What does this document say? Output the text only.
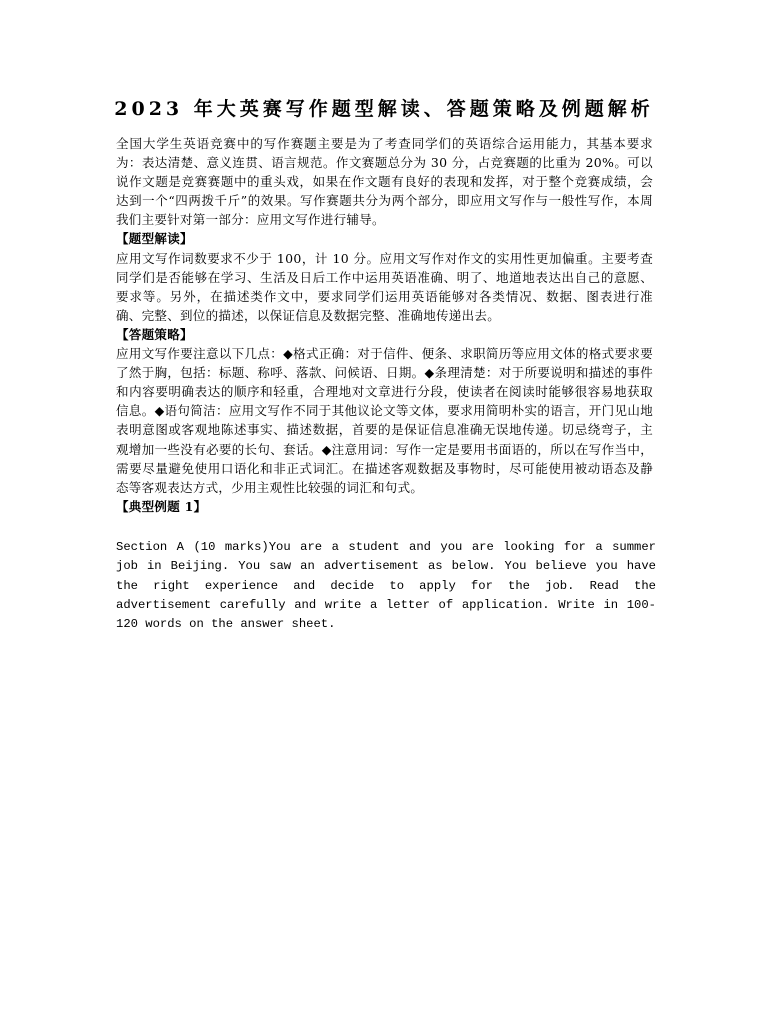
2023 年大英赛写作题型解读、答题策略及例题解析

全国大学生英语竞赛中的写作赛题主要是为了考查同学们的英语综合运用能力，其基本要求为：表达清楚、意义连贯、语言规范。作文赛题总分为 30 分，占竞赛题的比重为 20%。可以说作文题是竞赛赛题中的重头戏，如果在作文题有良好的表现和发挥，对于整个竞赛成绩，会达到一个“四两拨千斤”的效果。写作赛题共分为两个部分，即应用文写作与一般性写作，本周我们主要针对第一部分：应用文写作进行辅导。

【题型解读】

应用文写作词数要求不少于 100，计 10 分。应用文写作对作文的实用性更加偏重。主要考查同学们是否能够在学习、生活及日后工作中运用英语准确、明了、地道地表达出自己的意愿、要求等。另外，在描述类作文中，要求同学们运用英语能够对各类情况、数据、图表进行准确、完整、到位的描述，以保证信息及数据完整、准确地传递出去。

【答题策略】

应用文写作要注意以下几点：◆格式正确：对于信件、便条、求职简历等应用文体的格式要求要了然于胸，包括：标题、称呼、落款、问候语、日期。◆条理清楚：对于所要说明和描述的事件和内容要明确表达的顺序和轻重，合理地对文章进行分段，使读者在阅读时能够很容易地获取信息。◆语句简洁：应用文写作不同于其他议论文等文体，要求用简明朴实的语言，开门见山地表明意图或客观地陈述事实、描述数据，首要的是保证信息准确无误地传递。切忌绕弯子，主观增加一些没有必要的长句、套话。◆注意用词：写作一定是要用书面语的，所以在写作当中，需要尽量避免使用口语化和非正式词汇。在描述客观数据及事物时，尽可能使用被动语态及静态等客观表达方式，少用主观性比较强的词汇和句式。

【典型例题 1】

Section A (10 marks)You are a student and you are looking for a summer job in Beijing. You saw an advertisement as below. You believe you have the right experience and decide to apply for the job. Read the advertisement carefully and write a letter of application. Write in 100-120 words on the answer sheet.
